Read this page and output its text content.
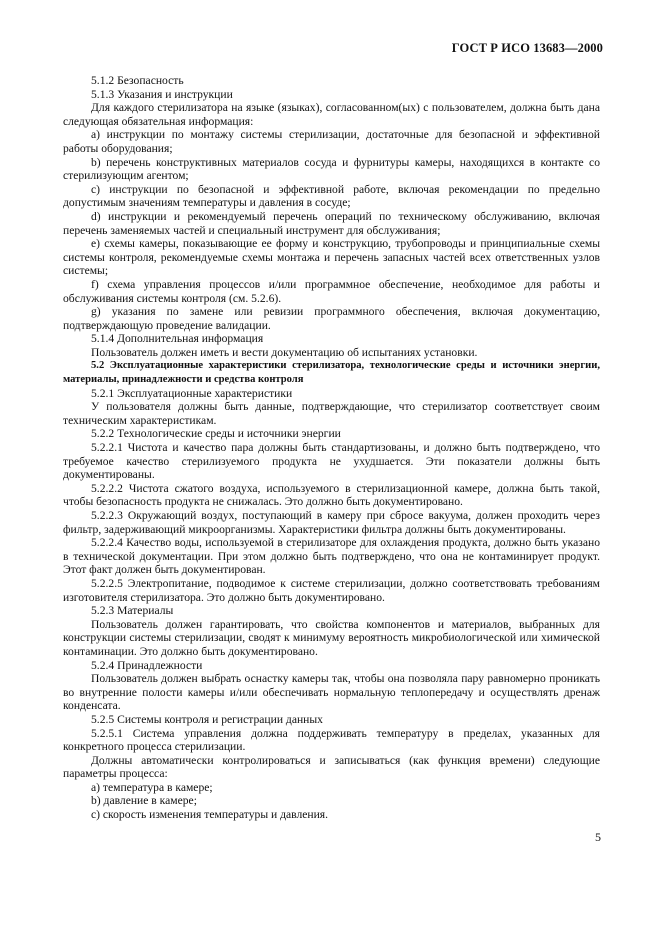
ГОСТ Р ИСО 13683—2000

5.1.2 Безопасность

5.1.3 Указания и инструкции

Для каждого стерилизатора на языке (языках), согласованном(ых) с пользователем, должна быть дана следующая обязательная информация:

a) инструкции по монтажу системы стерилизации, достаточные для безопасной и эффективной работы оборудования;

b) перечень конструктивных материалов сосуда и фурнитуры камеры, находящихся в контакте со стерилизующим агентом;

c) инструкции по безопасной и эффективной работе, включая рекомендации по предельно допустимым значениям температуры и давления в сосуде;

d) инструкции и рекомендуемый перечень операций по техническому обслуживанию, включая перечень заменяемых частей и специальный инструмент для обслуживания;

e) схемы камеры, показывающие ее форму и конструкцию, трубопроводы и принципиальные схемы системы контроля, рекомендуемые схемы монтажа и перечень запасных частей всех ответственных узлов системы;

f) схема управления процессов и/или программное обеспечение, необходимое для работы и обслуживания системы контроля (см. 5.2.6).

g) указания по замене или ревизии программного обеспечения, включая документацию, подтверждающую проведение валидации.

5.1.4 Дополнительная информация

Пользователь должен иметь и вести документацию об испытаниях установки.

5.2 Эксплуатационные характеристики стерилизатора, технологические среды и источники энергии, материалы, принадлежности и средства контроля

5.2.1 Эксплуатационные характеристики

У пользователя должны быть данные, подтверждающие, что стерилизатор соответствует своим техническим характеристикам.

5.2.2 Технологические среды и источники энергии

5.2.2.1 Чистота и качество пара должны быть стандартизованы, и должно быть подтверждено, что требуемое качество стерилизуемого продукта не ухудшается. Эти показатели должны быть документированы.

5.2.2.2 Чистота сжатого воздуха, используемого в стерилизационной камере, должна быть такой, чтобы безопасность продукта не снижалась. Это должно быть документировано.

5.2.2.3 Окружающий воздух, поступающий в камеру при сбросе вакуума, должен проходить через фильтр, задерживающий микроорганизмы. Характеристики фильтра должны быть документированы.

5.2.2.4 Качество воды, используемой в стерилизаторе для охлаждения продукта, должно быть указано в технической документации. При этом должно быть подтверждено, что она не контаминирует продукт. Этот факт должен быть документирован.

5.2.2.5 Электропитание, подводимое к системе стерилизации, должно соответствовать требованиям изготовителя стерилизатора. Это должно быть документировано.

5.2.3 Материалы

Пользователь должен гарантировать, что свойства компонентов и материалов, выбранных для конструкции системы стерилизации, сводят к минимуму вероятность микробиологической или химической контаминации. Это должно быть документировано.

5.2.4 Принадлежности

Пользователь должен выбрать оснастку камеры так, чтобы она позволяла пару равномерно проникать во внутренние полости камеры и/или обеспечивать нормальную теплопередачу и осуществлять дренаж конденсата.

5.2.5 Системы контроля и регистрации данных

5.2.5.1 Система управления должна поддерживать температуру в пределах, указанных для конкретного процесса стерилизации.

Должны автоматически контролироваться и записываться (как функция времени) следующие параметры процесса:

a) температура в камере;

b) давление в камере;

c) скорость изменения температуры и давления.

5
